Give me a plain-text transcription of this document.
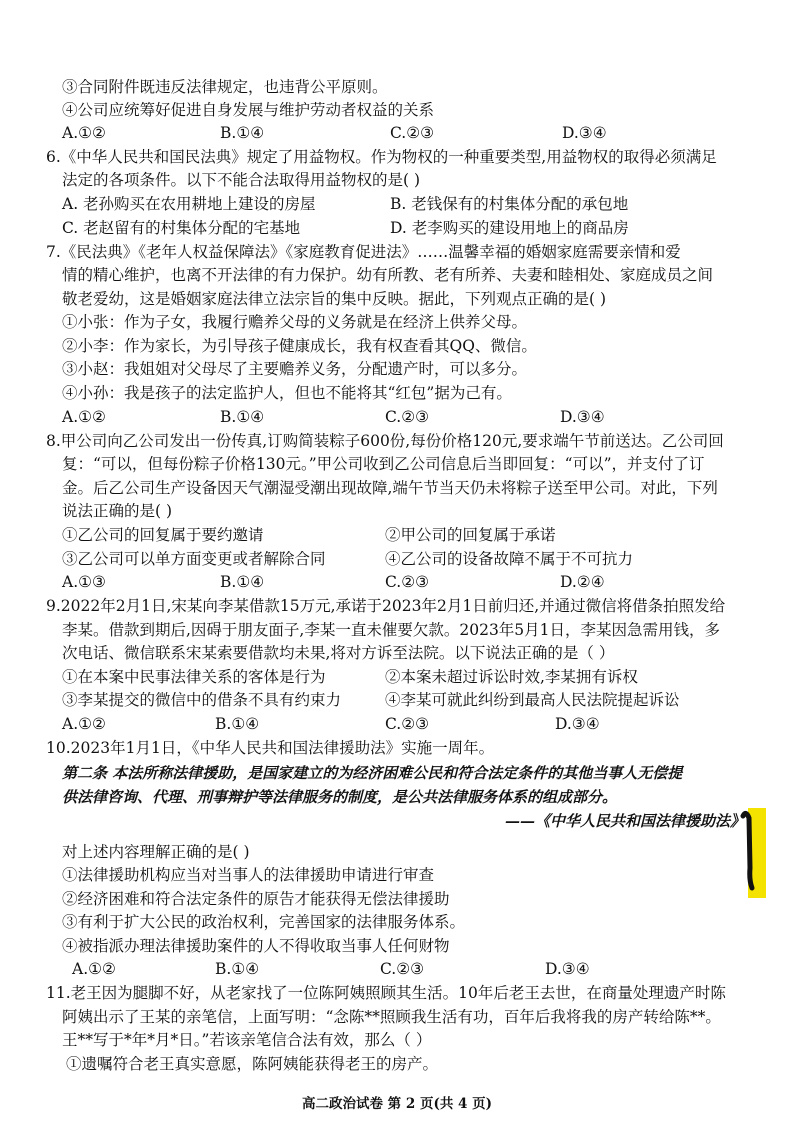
③合同附件既违反法律规定，也违背公平原则。
④公司应统筹好促进自身发展与维护劳动者权益的关系
A.①②	B.①④	C.②③	D.③④
6.《中华人民共和国民法典》规定了用益物权。作为物权的一种重要类型,用益物权的取得必须满足
法定的各项条件。以下不能合法取得用益物权的是( )
A. 老孙购买在农用耕地上建设的房屋	B. 老钱保有的村集体分配的承包地
C. 老赵留有的村集体分配的宅基地	D. 老李购买的建设用地上的商品房
7.《民法典》《老年人权益保障法》《家庭教育促进法》……温馨幸福的婚姻家庭需要亲情和爱
情的精心维护，也离不开法律的有力保护。幼有所教、老有所养、夫妻和睦相处、家庭成员之间
敬老爱幼，这是婚姻家庭法律立法宗旨的集中反映。据此，下列观点正确的是( )
①小张：作为子女，我履行赡养父母的义务就是在经济上供养父母。
②小李：作为家长，为引导孩子健康成长，我有权查看其QQ、微信。
③小赵：我姐姐对父母尽了主要赡养义务，分配遗产时，可以多分。
④小孙：我是孩子的法定监护人，但也不能将其“红包”据为己有。
A.①②	B.①④	C.②③	D.③④
8.甲公司向乙公司发出一份传真,订购简装粽子600份,每份价格120元,要求端午节前送达。乙公司回
复：“可以，但每份粽子价格130元。”甲公司收到乙公司信息后当即回复：“可以”，并支付了订
金。后乙公司生产设备因天气潮湿受潮出现故障,端午节当天仍未将粽子送至甲公司。对此，下列
说法正确的是( )
①乙公司的回复属于要约邀请	②甲公司的回复属于承诺
③乙公司可以单方面变更或者解除合同	④乙公司的设备故障不属于不可抗力
A.①③	B.①④	C.②③	D.②④
9.2022年2月1日,宋某向李某借款15万元,承诺于2023年2月1日前归还,并通过微信将借条拍照发给
李某。借款到期后,因碍于朋友面子,李某一直未催要欠款。2023年5月1日，李某因急需用钱，多
次电话、微信联系宋某索要借款均未果,将对方诉至法院。以下说法正确的是（ ）
①在本案中民事法律关系的客体是行为	②本案未超过诉讼时效,李某拥有诉权
③李某提交的微信中的借条不具有约束力	④李某可就此纠纷到最高人民法院提起诉讼
A.①②	B.①④	C.②③	D.③④
10.2023年1月1日，《中华人民共和国法律援助法》实施一周年。
第二条 本法所称法律援助，是国家建立的为经济困难公民和符合法定条件的其他当事人无偿提
供法律咨询、代理、刑事辩护等法律服务的制度，是公共法律服务体系的组成部分。
——《中华人民共和国法律援助法》
对上述内容理解正确的是( )
①法律援助机构应当对当事人的法律援助申请进行审查
②经济困难和符合法定条件的原告才能获得无偿法律援助
③有利于扩大公民的政治权利，完善国家的法律服务体系。
④被指派办理法律援助案件的人不得收取当事人任何财物
A.①②	B.①④	C.②③	D.③④
11.老王因为腿脚不好，从老家找了一位陈阿姨照顾其生活。10年后老王去世，在商量处理遗产时陈
阿姨出示了王某的亲笔信，上面写明：“念陈**照顾我生活有功，百年后我将我的房产转给陈**。
王**写于*年*月*日。”若该亲笔信合法有效，那么（ ）
①遗嘱符合老王真实意愿，陈阿姨能获得老王的房产。
高二政治试卷 第 2 页(共 4 页)
